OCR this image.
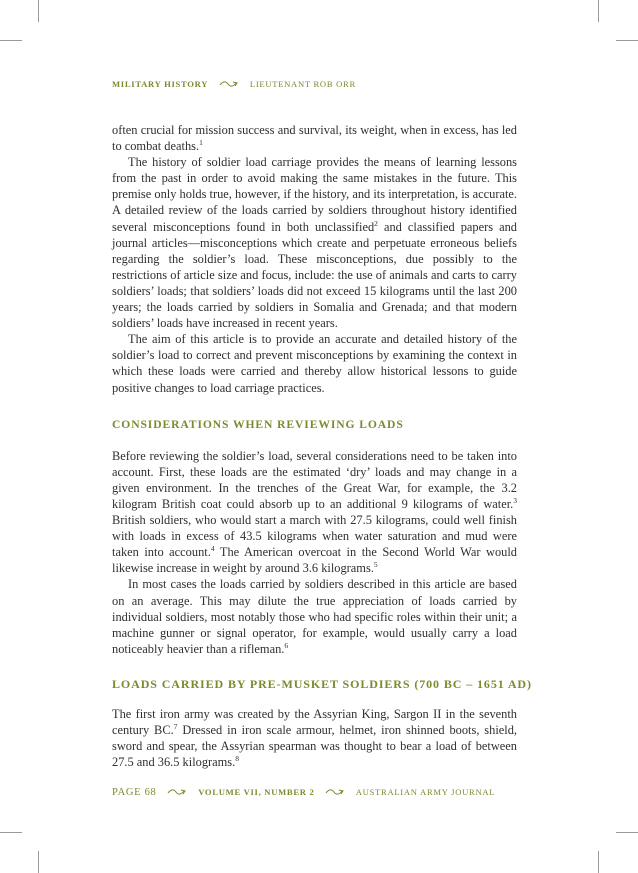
MILITARY HISTORY	LIEUTENANT ROB ORR

often crucial for mission success and survival, its weight, when in excess, has led to combat deaths.$^1$

The history of soldier load carriage provides the means of learning lessons from the past in order to avoid making the same mistakes in the future. This premise only holds true, however, if the history, and its interpretation, is accurate. A detailed review of the loads carried by soldiers throughout history identified several misconceptions found in both unclassified$^2$ and classified papers and journal articles—misconceptions which create and perpetuate erroneous beliefs regarding the soldier’s load. These misconceptions, due possibly to the restrictions of article size and focus, include: the use of animals and carts to carry soldiers’ loads; that soldiers’ loads did not exceed 15 kilograms until the last 200 years; the loads carried by soldiers in Somalia and Grenada; and that modern soldiers’ loads have increased in recent years.

The aim of this article is to provide an accurate and detailed history of the soldier’s load to correct and prevent misconceptions by examining the context in which these loads were carried and thereby allow historical lessons to guide positive changes to load carriage practices.

CONSIDERATIONS WHEN REVIEWING LOADS

Before reviewing the soldier’s load, several considerations need to be taken into account. First, these loads are the estimated ‘dry’ loads and may change in a given environment. In the trenches of the Great War, for example, the 3.2 kilogram British coat could absorb up to an additional 9 kilograms of water.$^3$ British soldiers, who would start a march with 27.5 kilograms, could well finish with loads in excess of 43.5 kilograms when water saturation and mud were taken into account.$^4$ The American overcoat in the Second World War would likewise increase in weight by around 3.6 kilograms.$^5$

In most cases the loads carried by soldiers described in this article are based on an average. This may dilute the true appreciation of loads carried by individual soldiers, most notably those who had specific roles within their unit; a machine gunner or signal operator, for example, would usually carry a load noticeably heavier than a rifleman.$^6$

LOADS CARRIED BY PRE-MUSKET SOLDIERS (700 BC – 1651 AD)

The first iron army was created by the Assyrian King, Sargon II in the seventh century BC.$^7$ Dressed in iron scale armour, helmet, iron shinned boots, shield, sword and spear, the Assyrian spearman was thought to bear a load of between 27.5 and 36.5 kilograms.$^8$

PAGE 68	VOLUME VII, NUMBER 2	AUSTRALIAN ARMY JOURNAL
